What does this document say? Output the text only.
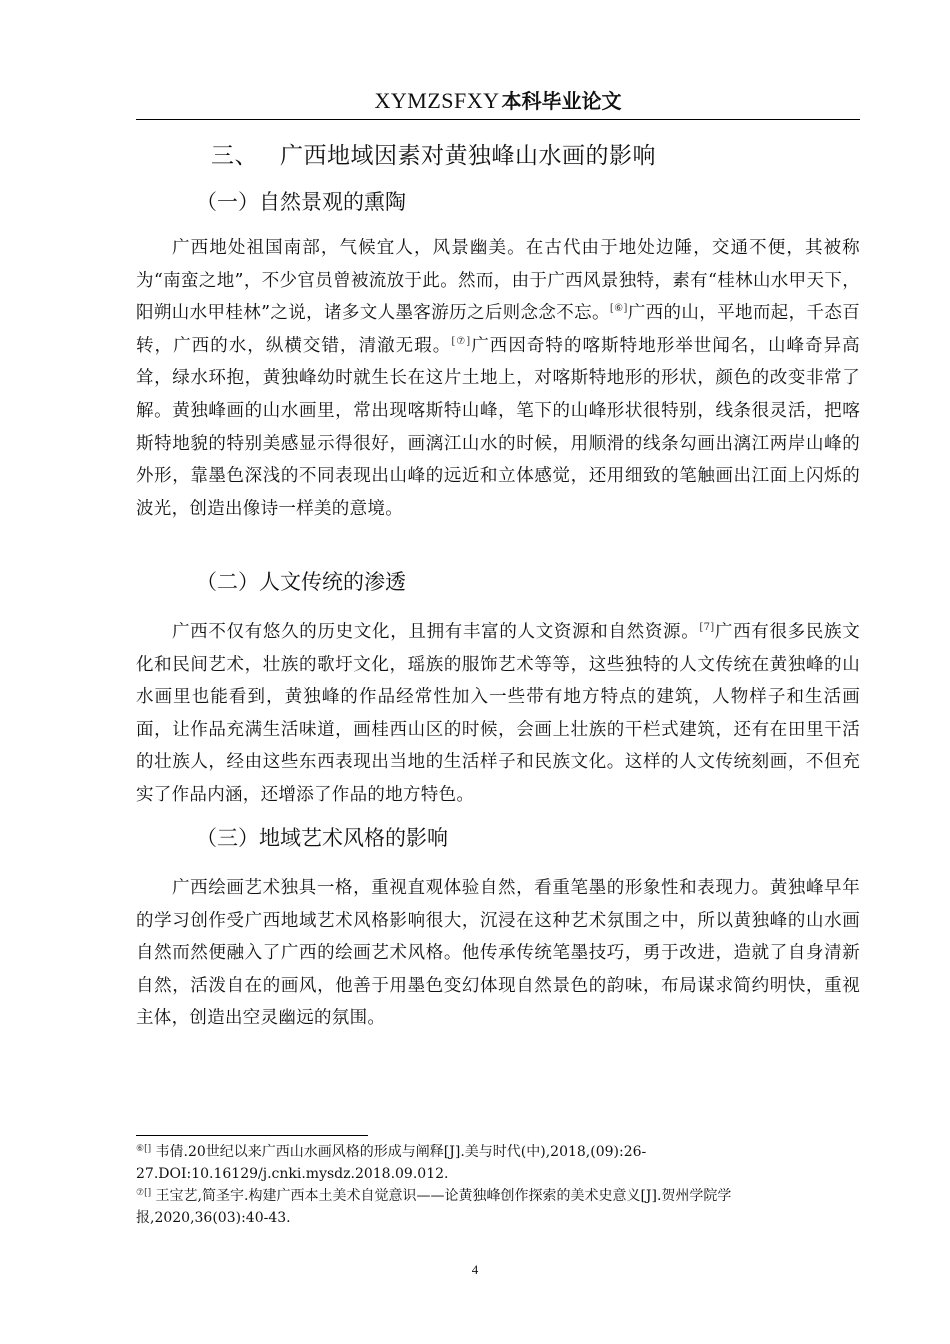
XYMZSFXY 本科毕业论文
三、 广西地域因素对黄独峰山水画的影响
（一）自然景观的熏陶
广西地处祖国南部，气候宜人，风景幽美。在古代由于地处边陲，交通不便，其被称为“南蛮之地”，不少官员曾被流放于此。然而，由于广西风景独特，素有“桂林山水甲天下，阳朔山水甲桂林”之说，诸多文人墨客游历之后则念念不忘。[⑥]广西的山，平地而起，千态百转，广西的水，纵横交错，清澈无瑕。[⑦]广西因奇特的喀斯特地形举世闻名，山峰奇异高耸，绿水环抱，黄独峰幼时就生长在这片土地上，对喀斯特地形的形状，颜色的改变非常了解。黄独峰画的山水画里，常出现喀斯特山峰，笔下的山峰形状很特别，线条很灵活，把喀斯特地貌的特别美感显示得很好，画漓江山水的时候，用顺滑的线条勾画出漓江两岸山峰的外形，靠墨色深浅的不同表现出山峰的远近和立体感觉，还用细致的笔触画出江面上闪烁的波光，创造出像诗一样美的意境。
（二）人文传统的渗透
广西不仅有悠久的历史文化，且拥有丰富的人文资源和自然资源。[7]广西有很多民族文化和民间艺术，壮族的歌圩文化，瑶族的服饰艺术等等，这些独特的人文传统在黄独峰的山水画里也能看到，黄独峰的作品经常性加入一些带有地方特点的建筑，人物样子和生活画面，让作品充满生活味道，画桂西山区的时候，会画上壮族的干栏式建筑，还有在田里干活的壮族人，经由这些东西表现出当地的生活样子和民族文化。这样的人文传统刻画，不但充实了作品内涵，还增添了作品的地方特色。
（三）地域艺术风格的影响
广西绘画艺术独具一格，重视直观体验自然，看重笔墨的形象性和表现力。黄独峰早年的学习创作受广西地域艺术风格影响很大，沉浸在这种艺术氛围之中，所以黄独峰的山水画自然而然便融入了广西的绘画艺术风格。他传承传统笔墨技巧，勇于改进，造就了自身清新自然，活泼自在的画风，他善于用墨色变幻体现自然景色的韵味，布局谋求简约明快，重视主体，创造出空灵幽远的氛围。
⑥[] 韦倩.20世纪以来广西山水画风格的形成与阐释[J].美与时代(中),2018,(09):26-27.DOI:10.16129/j.cnki.mysdz.2018.09.012.
⑦[] 王宝艺,简圣宇.构建广西本土美术自觉意识——论黄独峰创作探索的美术史意义[J].贺州学院学报,2020,36(03):40-43.
4
